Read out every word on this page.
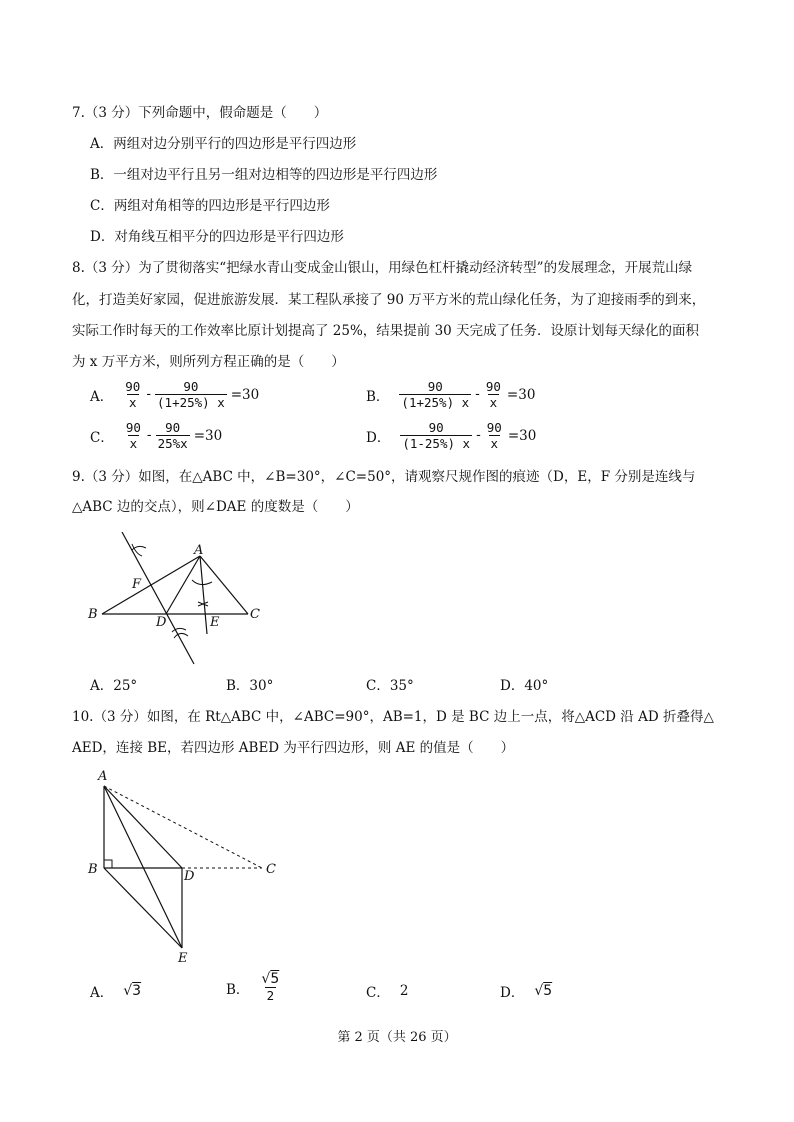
7.（3 分）下列命题中，假命题是（　　）
A．两组对边分别平行的四边形是平行四边形
B．一组对边平行且另一组对边相等的四边形是平行四边形
C．两组对角相等的四边形是平行四边形
D．对角线互相平分的四边形是平行四边形
8.（3 分）为了贯彻落实“把绿水青山变成金山银山，用绿色杠杆撬动经济转型”的发展理念，开展荒山绿
化，打造美好家园，促进旅游发展．某工程队承接了 90 万平方米的荒山绿化任务，为了迎接雨季的到来，
实际工作时每天的工作效率比原计划提高了 25%，结果提前 30 天完成了任务．设原计划每天绿化的面积
为 x 万平方米，则所列方程正确的是（　　）
A． $\frac{90}{x} - \frac{90}{(1+25\%) x} =30$	B． $\frac{90}{(1+25\%) x} - \frac{90}{x} =30$
C． $\frac{90}{x} - \frac{90}{25\%x} =30$	D． $\frac{90}{(1-25\%) x} - \frac{90}{x} =30$
9.（3 分）如图，在△ABC 中，∠B=30°，∠C=50°，请观察尺规作图的痕迹（D，E，F 分别是连线与
△ABC 边的交点），则∠DAE 的度数是（　　）
A
B	C
D	E
F
A．25°	B．30°	C．35°	D．40°
10.（3 分）如图，在 Rt△ABC 中，∠ABC=90°，AB=1，D 是 BC 边上一点，将△ACD 沿 AD 折叠得△
AED，连接 BE，若四边形 ABED 为平行四边形，则 AE 的值是（　　）
A
B	C
D
E
A． √3	B． $\frac{√5}{2}$	C． 2	D． √5
第 2 页（共 26 页）
